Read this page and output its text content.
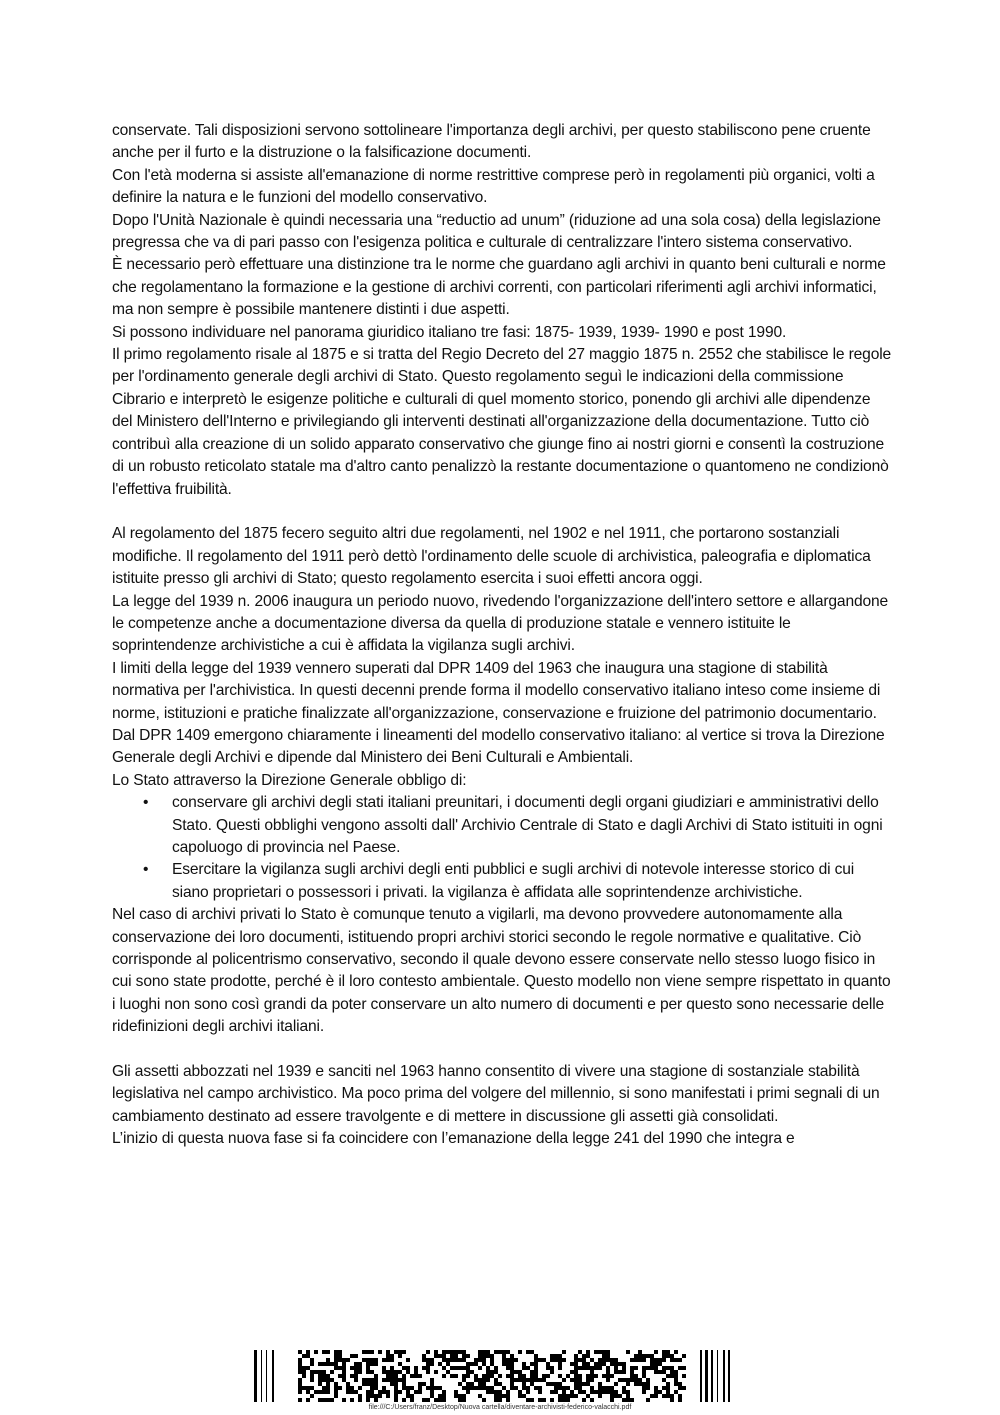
conservate. Tali disposizioni servono sottolineare l'importanza degli archivi, per questo stabiliscono pene cruente anche per il furto e la distruzione o la falsificazione documenti.

Con l'età moderna si assiste all'emanazione di norme restrittive comprese però in regolamenti più organici, volti a definire la natura e le funzioni del modello conservativo.

Dopo l'Unità Nazionale è quindi necessaria una “reductio ad unum” (riduzione ad una sola cosa) della legislazione pregressa che va di pari passo con l'esigenza politica e culturale di centralizzare l'intero sistema conservativo.

È necessario però effettuare una distinzione tra le norme che guardano agli archivi in quanto beni culturali e norme che regolamentano la formazione e la gestione di archivi correnti, con particolari riferimenti agli archivi informatici, ma non sempre è possibile mantenere distinti i due aspetti.

Si possono individuare nel panorama giuridico italiano tre fasi: 1875- 1939, 1939- 1990 e post 1990.

Il primo regolamento risale al 1875 e si tratta del Regio Decreto del 27 maggio 1875 n. 2552 che stabilisce le regole per l'ordinamento generale degli archivi di Stato. Questo regolamento seguì le indicazioni della commissione Cibrario e interpretò le esigenze politiche e culturali di quel momento storico, ponendo gli archivi alle dipendenze del Ministero dell'Interno e privilegiando gli interventi destinati all'organizzazione della documentazione. Tutto ciò contribuì alla creazione di un solido apparato conservativo che giunge fino ai nostri giorni e consentì la costruzione di un robusto reticolato statale ma d'altro canto penalizzò la restante documentazione o quantomeno ne condizionò l'effettiva fruibilità.

Al regolamento del 1875 fecero seguito altri due regolamenti, nel 1902 e nel 1911, che portarono sostanziali modifiche. Il regolamento del 1911 però dettò l'ordinamento delle scuole di archivistica, paleografia e diplomatica istituite presso gli archivi di Stato; questo regolamento esercita i suoi effetti ancora oggi.

La legge del 1939 n. 2006 inaugura un periodo nuovo, rivedendo l'organizzazione dell'intero settore e allargandone le competenze anche a documentazione diversa da quella di produzione statale e vennero istituite le soprintendenze archivistiche a cui è affidata la vigilanza sugli archivi.

I limiti della legge del 1939 vennero superati dal DPR 1409 del 1963 che inaugura una stagione di stabilità normativa per l'archivistica. In questi decenni prende forma il modello conservativo italiano inteso come insieme di norme, istituzioni e pratiche finalizzate all'organizzazione, conservazione e fruizione del patrimonio documentario.

Dal DPR 1409 emergono chiaramente i lineamenti del modello conservativo italiano: al vertice si trova la Direzione Generale degli Archivi e dipende dal Ministero dei Beni Culturali e Ambientali.

Lo Stato attraverso la Direzione Generale obbligo di:

• conservare gli archivi degli stati italiani preunitari, i documenti degli organi giudiziari e amministrativi dello Stato. Questi obblighi vengono assolti dall' Archivio Centrale di Stato e dagli Archivi di Stato istituiti in ogni capoluogo di provincia nel Paese.
• Esercitare la vigilanza sugli archivi degli enti pubblici e sugli archivi di notevole interesse storico di cui siano proprietari o possessori i privati. la vigilanza è affidata alle soprintendenze archivistiche.

Nel caso di archivi privati lo Stato è comunque tenuto a vigilarli, ma devono provvedere autonomamente alla conservazione dei loro documenti, istituendo propri archivi storici secondo le regole normative e qualitative. Ciò corrisponde al policentrismo conservativo, secondo il quale devono essere conservate nello stesso luogo fisico in cui sono state prodotte, perché è il loro contesto ambientale. Questo modello non viene sempre rispettato in quanto i luoghi non sono così grandi da poter conservare un alto numero di documenti e per questo sono necessarie delle ridefinizioni degli archivi italiani.

Gli assetti abbozzati nel 1939 e sanciti nel 1963 hanno consentito di vivere una stagione di sostanziale stabilità legislativa nel campo archivistico. Ma poco prima del volgere del millennio, si sono manifestati i primi segnali di un cambiamento destinato ad essere travolgente e di mettere in discussione gli assetti già consolidati.

L’inizio di questa nuova fase si fa coincidere con l’emanazione della legge 241 del 1990 che integra e

file:///C:/Users/franz/Desktop/Nuova cartella/diventare-archivisti-federico-valacchi.pdf
